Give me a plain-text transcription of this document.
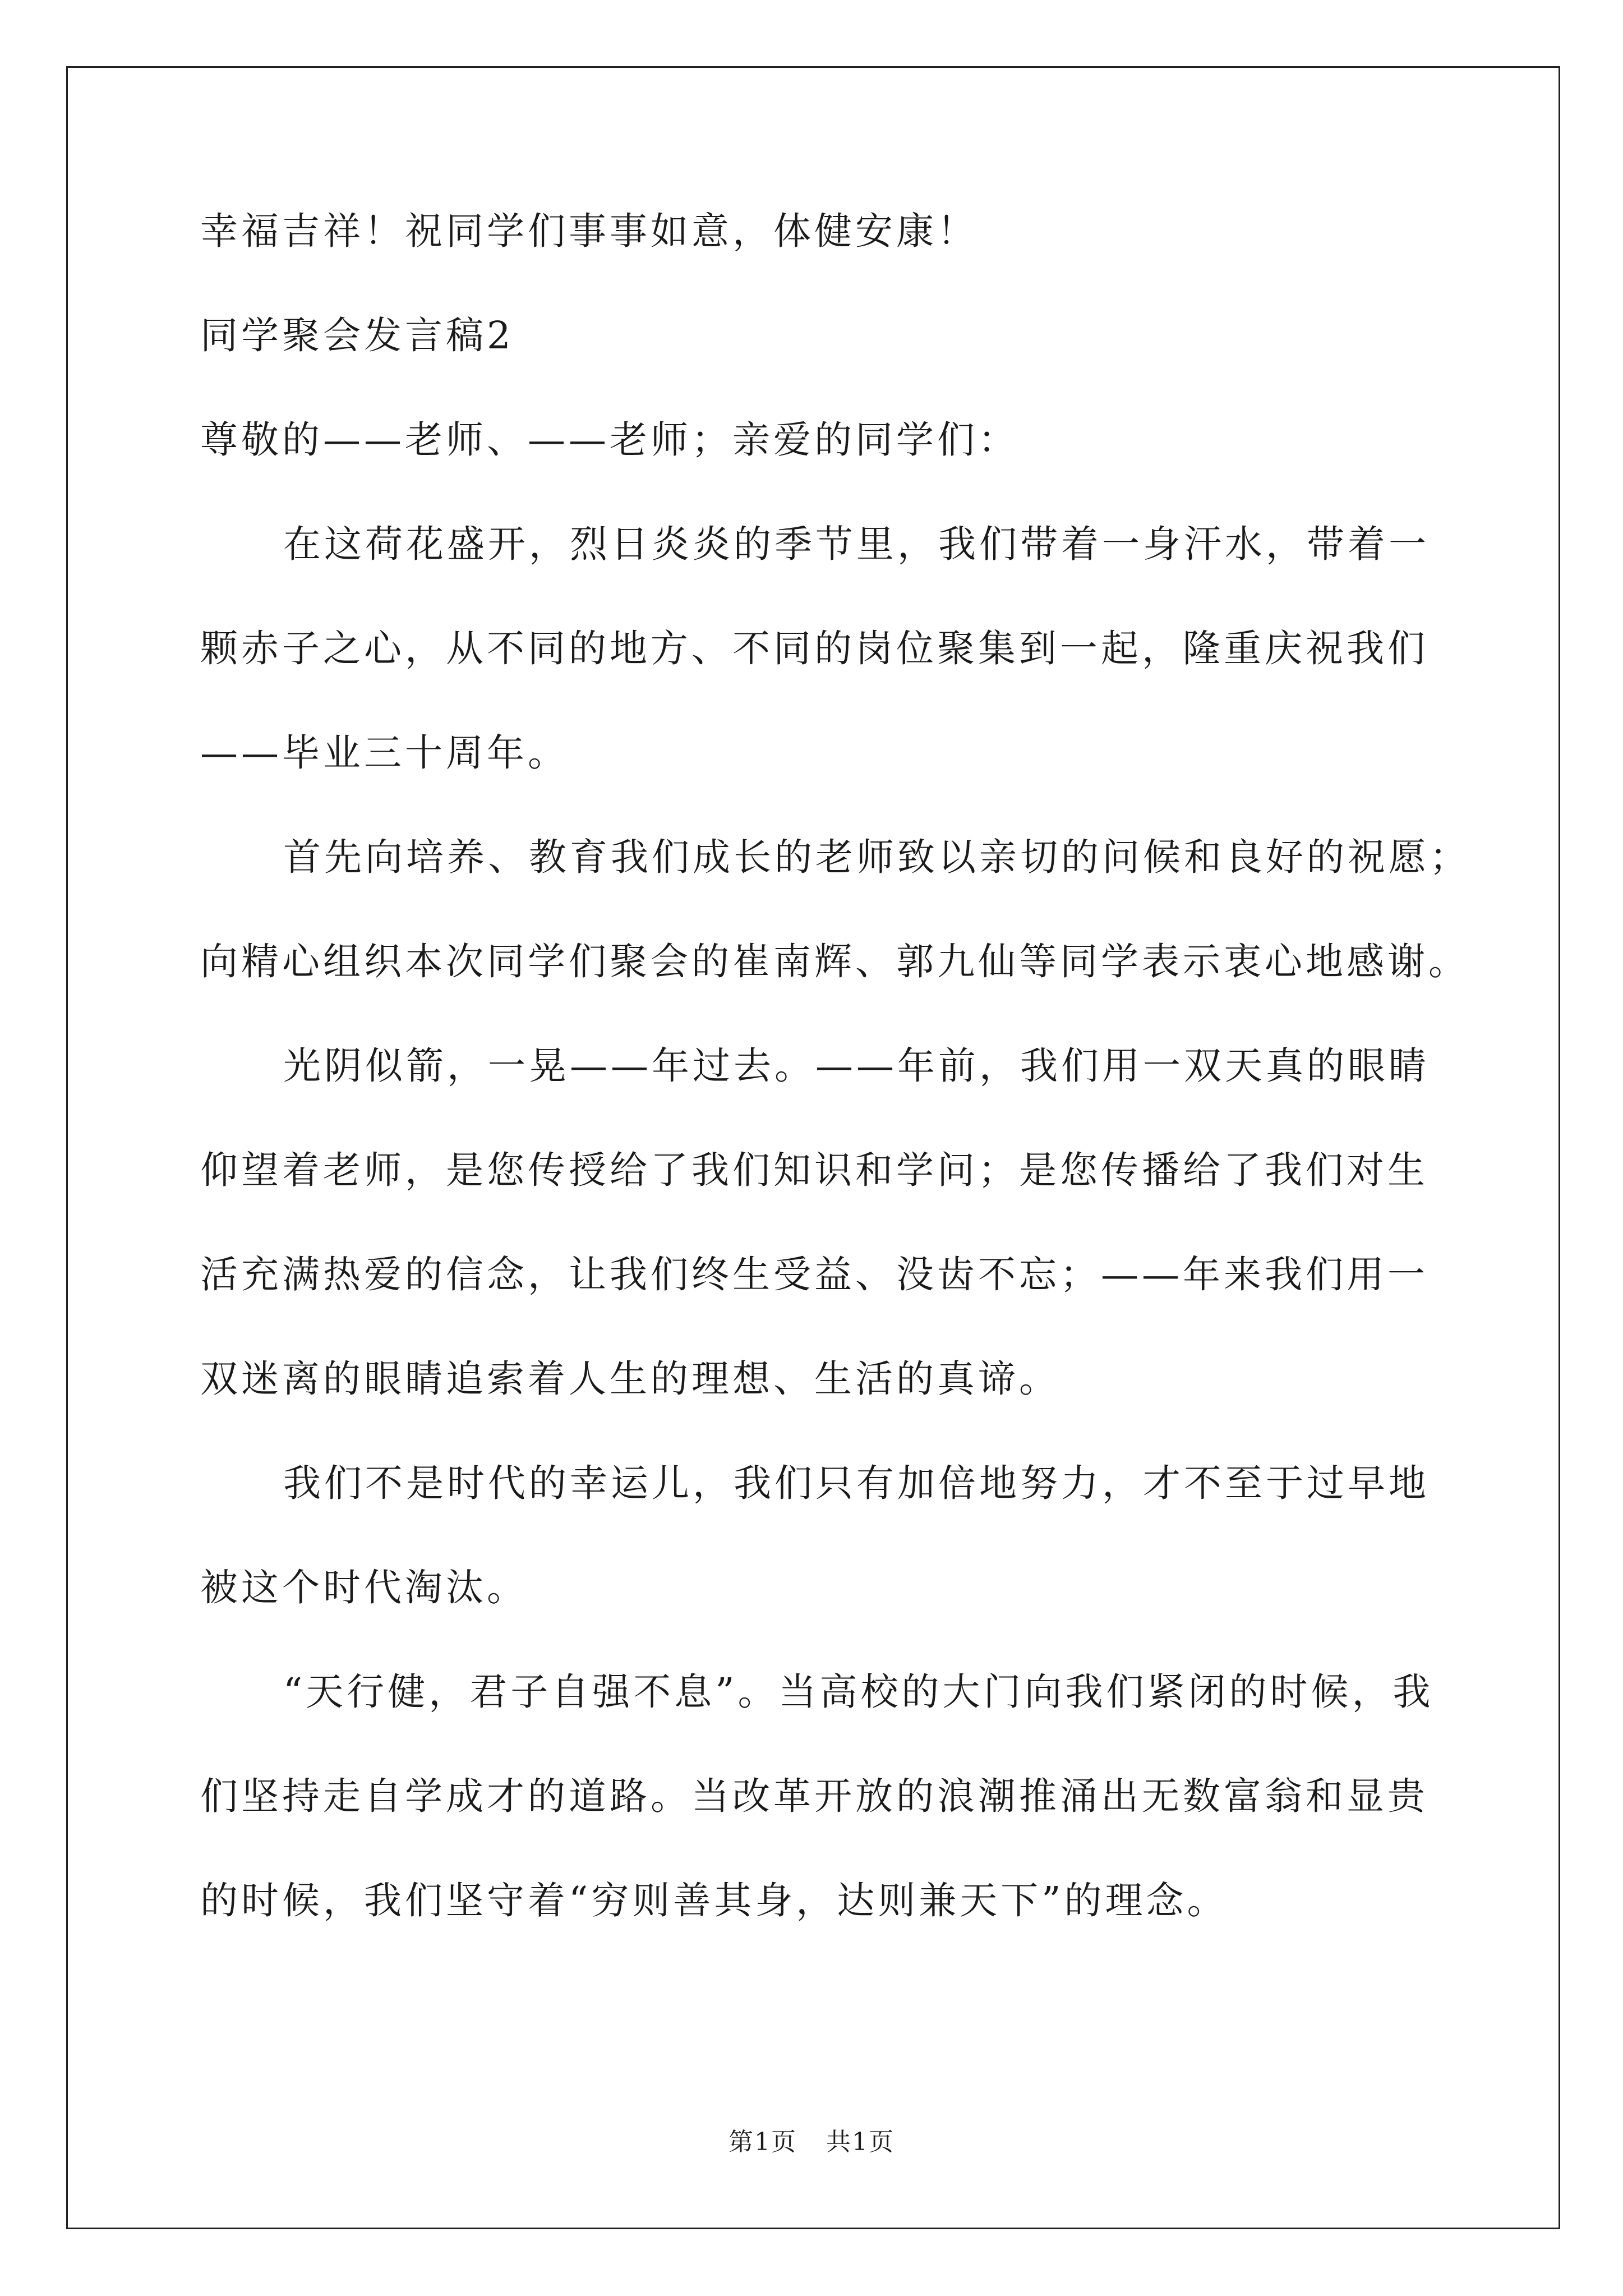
幸福吉祥！祝同学们事事如意，体健安康！
同学聚会发言稿2
尊敬的——老师、——老师；亲爱的同学们：
在这荷花盛开，烈日炎炎的季节里，我们带着一身汗水，带着一
颗赤子之心，从不同的地方、不同的岗位聚集到一起，隆重庆祝我们
——毕业三十周年。
首先向培养、教育我们成长的老师致以亲切的问候和良好的祝愿；
向精心组织本次同学们聚会的崔南辉、郭九仙等同学表示衷心地感谢。
光阴似箭，一晃——年过去。——年前，我们用一双天真的眼睛
仰望着老师，是您传授给了我们知识和学问；是您传播给了我们对生
活充满热爱的信念，让我们终生受益、没齿不忘；——年来我们用一
双迷离的眼睛追索着人生的理想、生活的真谛。
我们不是时代的幸运儿，我们只有加倍地努力，才不至于过早地
被这个时代淘汰。
“天行健，君子自强不息”。当高校的大门向我们紧闭的时候，我
们坚持走自学成才的道路。当改革开放的浪潮推涌出无数富翁和显贵
的时候，我们坚守着“穷则善其身，达则兼天下”的理念。
第1页 共1页
